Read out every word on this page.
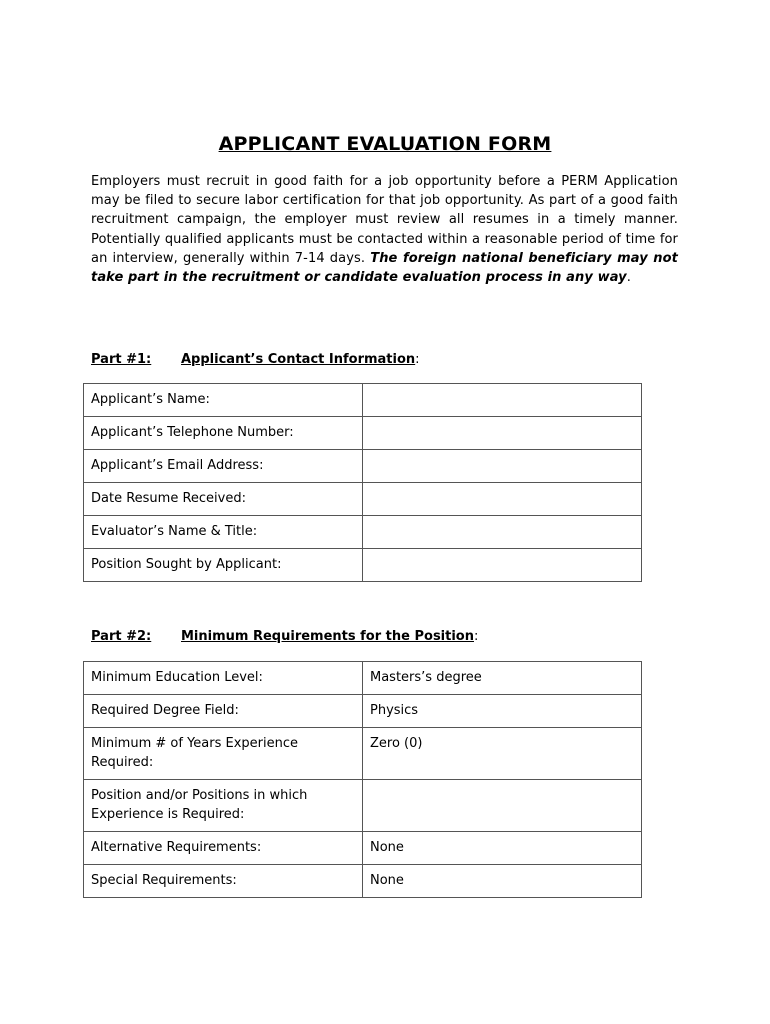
APPLICANT EVALUATION FORM
Employers must recruit in good faith for a job opportunity before a PERM Application may be filed to secure labor certification for that job opportunity. As part of a good faith recruitment campaign, the employer must review all resumes in a timely manner. Potentially qualified applicants must be contacted within a reasonable period of time for an interview, generally within 7-14 days. The foreign national beneficiary may not take part in the recruitment or candidate evaluation process in any way.
Part #1: Applicant’s Contact Information:
Applicant’s Name:	
Applicant’s Telephone Number:	
Applicant’s Email Address:	
Date Resume Received:	
Evaluator’s Name & Title:	
Position Sought by Applicant:	
Part #2: Minimum Requirements for the Position:
Minimum Education Level:	Masters’s degree
Required Degree Field:	Physics
Minimum # of Years Experience Required:	Zero (0)
Position and/or Positions in which Experience is Required:	
Alternative Requirements:	None
Special Requirements:	None
